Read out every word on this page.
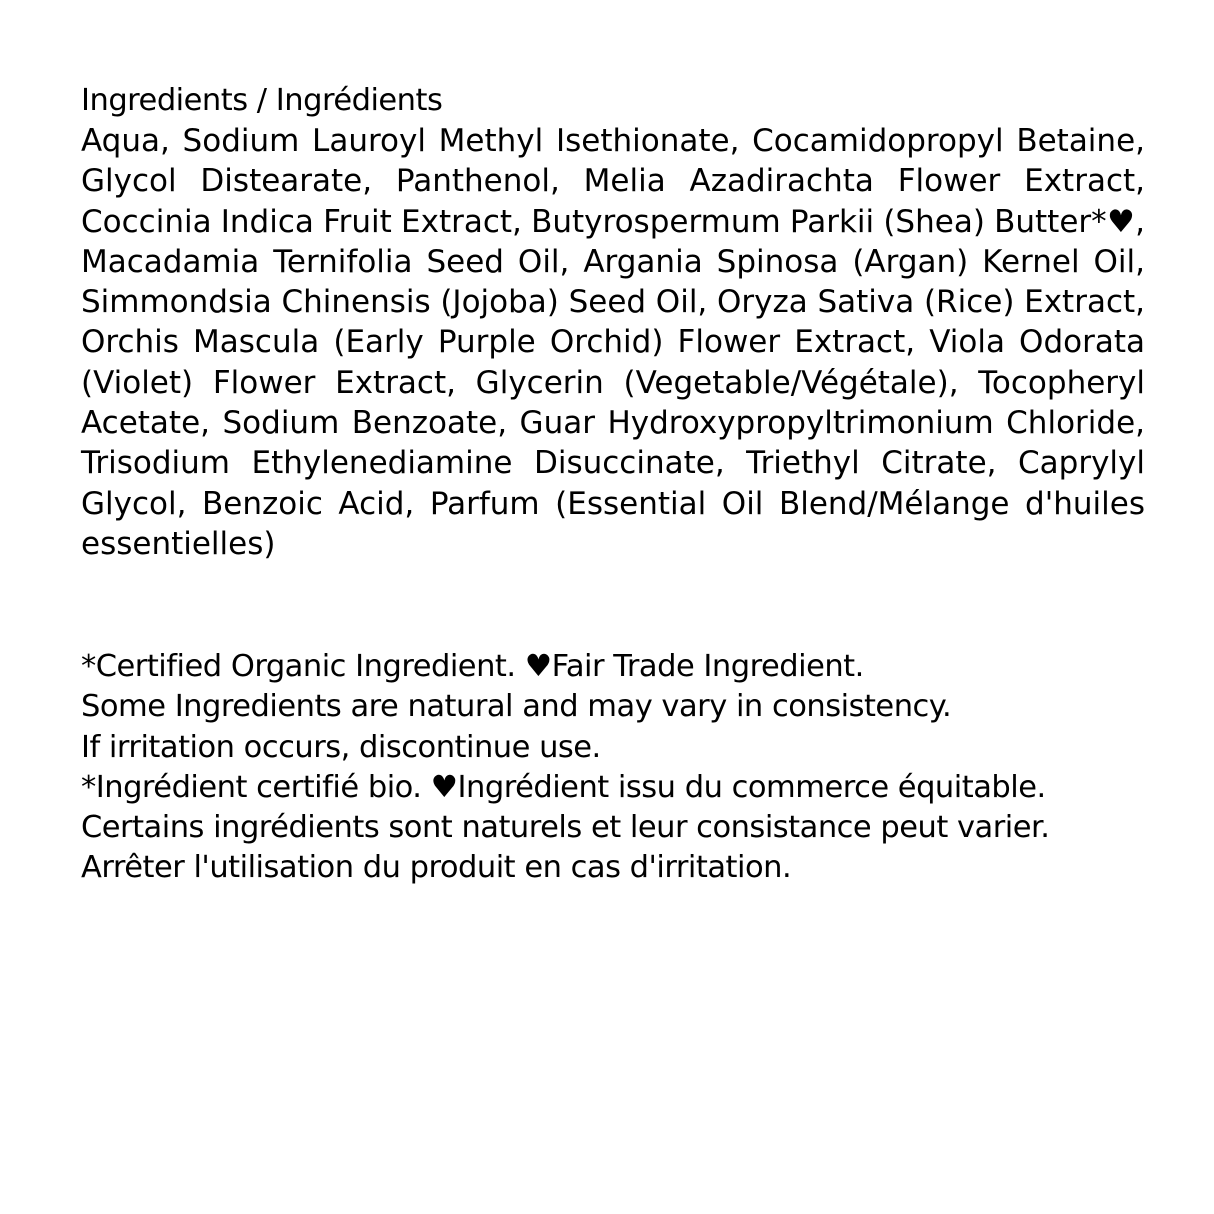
Ingredients / Ingrédients
Aqua, Sodium Lauroyl Methyl Isethionate, Cocamidopropyl Betaine, Glycol Distearate, Panthenol, Melia Azadirachta Flower Extract, Coccinia Indica Fruit Extract, Butyrospermum Parkii (Shea) Butter*♥, Macadamia Ternifolia Seed Oil, Argania Spinosa (Argan) Kernel Oil, Simmondsia Chinensis (Jojoba) Seed Oil, Oryza Sativa (Rice) Extract, Orchis Mascula (Early Purple Orchid) Flower Extract, Viola Odorata (Violet) Flower Extract, Glycerin (Vegetable/Végétale), Tocopheryl Acetate, Sodium Benzoate, Guar Hydroxypropyltrimonium Chloride, Trisodium Ethylenediamine Disuccinate, Triethyl Citrate, Caprylyl Glycol, Benzoic Acid, Parfum (Essential Oil Blend/Mélange d'huiles essentielles)

*Certified Organic Ingredient. ♥Fair Trade Ingredient.

Some Ingredients are natural and may vary in consistency.

If irritation occurs, discontinue use.

*Ingrédient certifié bio. ♥Ingrédient issu du commerce équitable. Certains ingrédients sont naturels et leur consistance peut varier. Arrêter l'utilisation du produit en cas d'irritation.
